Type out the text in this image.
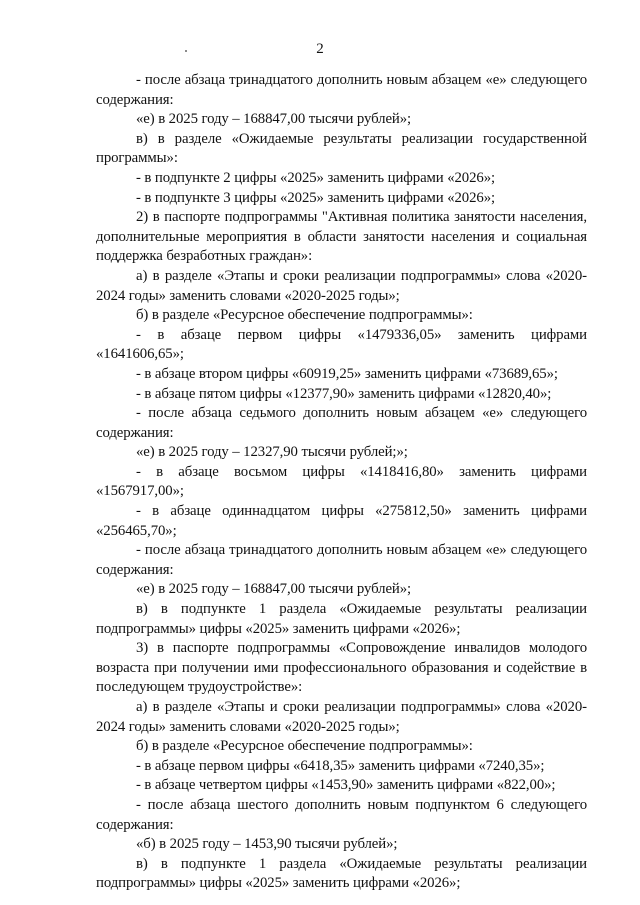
2

- после абзаца тринадцатого дополнить новым абзацем «е» следующего содержания:

«е) в 2025 году – 168847,00 тысячи рублей»;

в) в разделе «Ожидаемые результаты реализации государственной программы»:

- в подпункте 2 цифры «2025» заменить цифрами «2026»;

- в подпункте 3 цифры «2025» заменить цифрами «2026»;

2) в паспорте подпрограммы "Активная политика занятости населения, дополнительные мероприятия в области занятости населения и социальная поддержка безработных граждан»:

а) в разделе «Этапы и сроки реализации подпрограммы» слова «2020-2024 годы» заменить словами «2020-2025 годы»;

б) в разделе «Ресурсное обеспечение подпрограммы»:

- в абзаце первом цифры «1479336,05» заменить цифрами «1641606,65»;

- в абзаце втором цифры «60919,25» заменить цифрами «73689,65»;

- в абзаце пятом цифры «12377,90» заменить цифрами «12820,40»;

- после абзаца седьмого дополнить новым абзацем «е» следующего содержания:

«е) в 2025 году – 12327,90 тысячи рублей;»;

- в абзаце восьмом цифры «1418416,80» заменить цифрами «1567917,00»;

- в абзаце одиннадцатом цифры «275812,50» заменить цифрами «256465,70»;

- после абзаца тринадцатого дополнить новым абзацем «е» следующего содержания:

«е) в 2025 году – 168847,00 тысячи рублей»;

в) в подпункте 1 раздела «Ожидаемые результаты реализации подпрограммы» цифры «2025» заменить цифрами «2026»;

3) в паспорте подпрограммы «Сопровождение инвалидов молодого возраста при получении ими профессионального образования и содействие в последующем трудоустройстве»:

а) в разделе «Этапы и сроки реализации подпрограммы» слова «2020-2024 годы» заменить словами «2020-2025 годы»;

б) в разделе «Ресурсное обеспечение подпрограммы»:

- в абзаце первом цифры «6418,35» заменить цифрами «7240,35»;

- в абзаце четвертом цифры «1453,90» заменить цифрами «822,00»;

- после абзаца шестого дополнить новым подпунктом 6 следующего содержания:

«б) в 2025 году – 1453,90 тысячи рублей»;

в) в подпункте 1 раздела «Ожидаемые результаты реализации подпрограммы» цифры «2025» заменить цифрами «2026»;
